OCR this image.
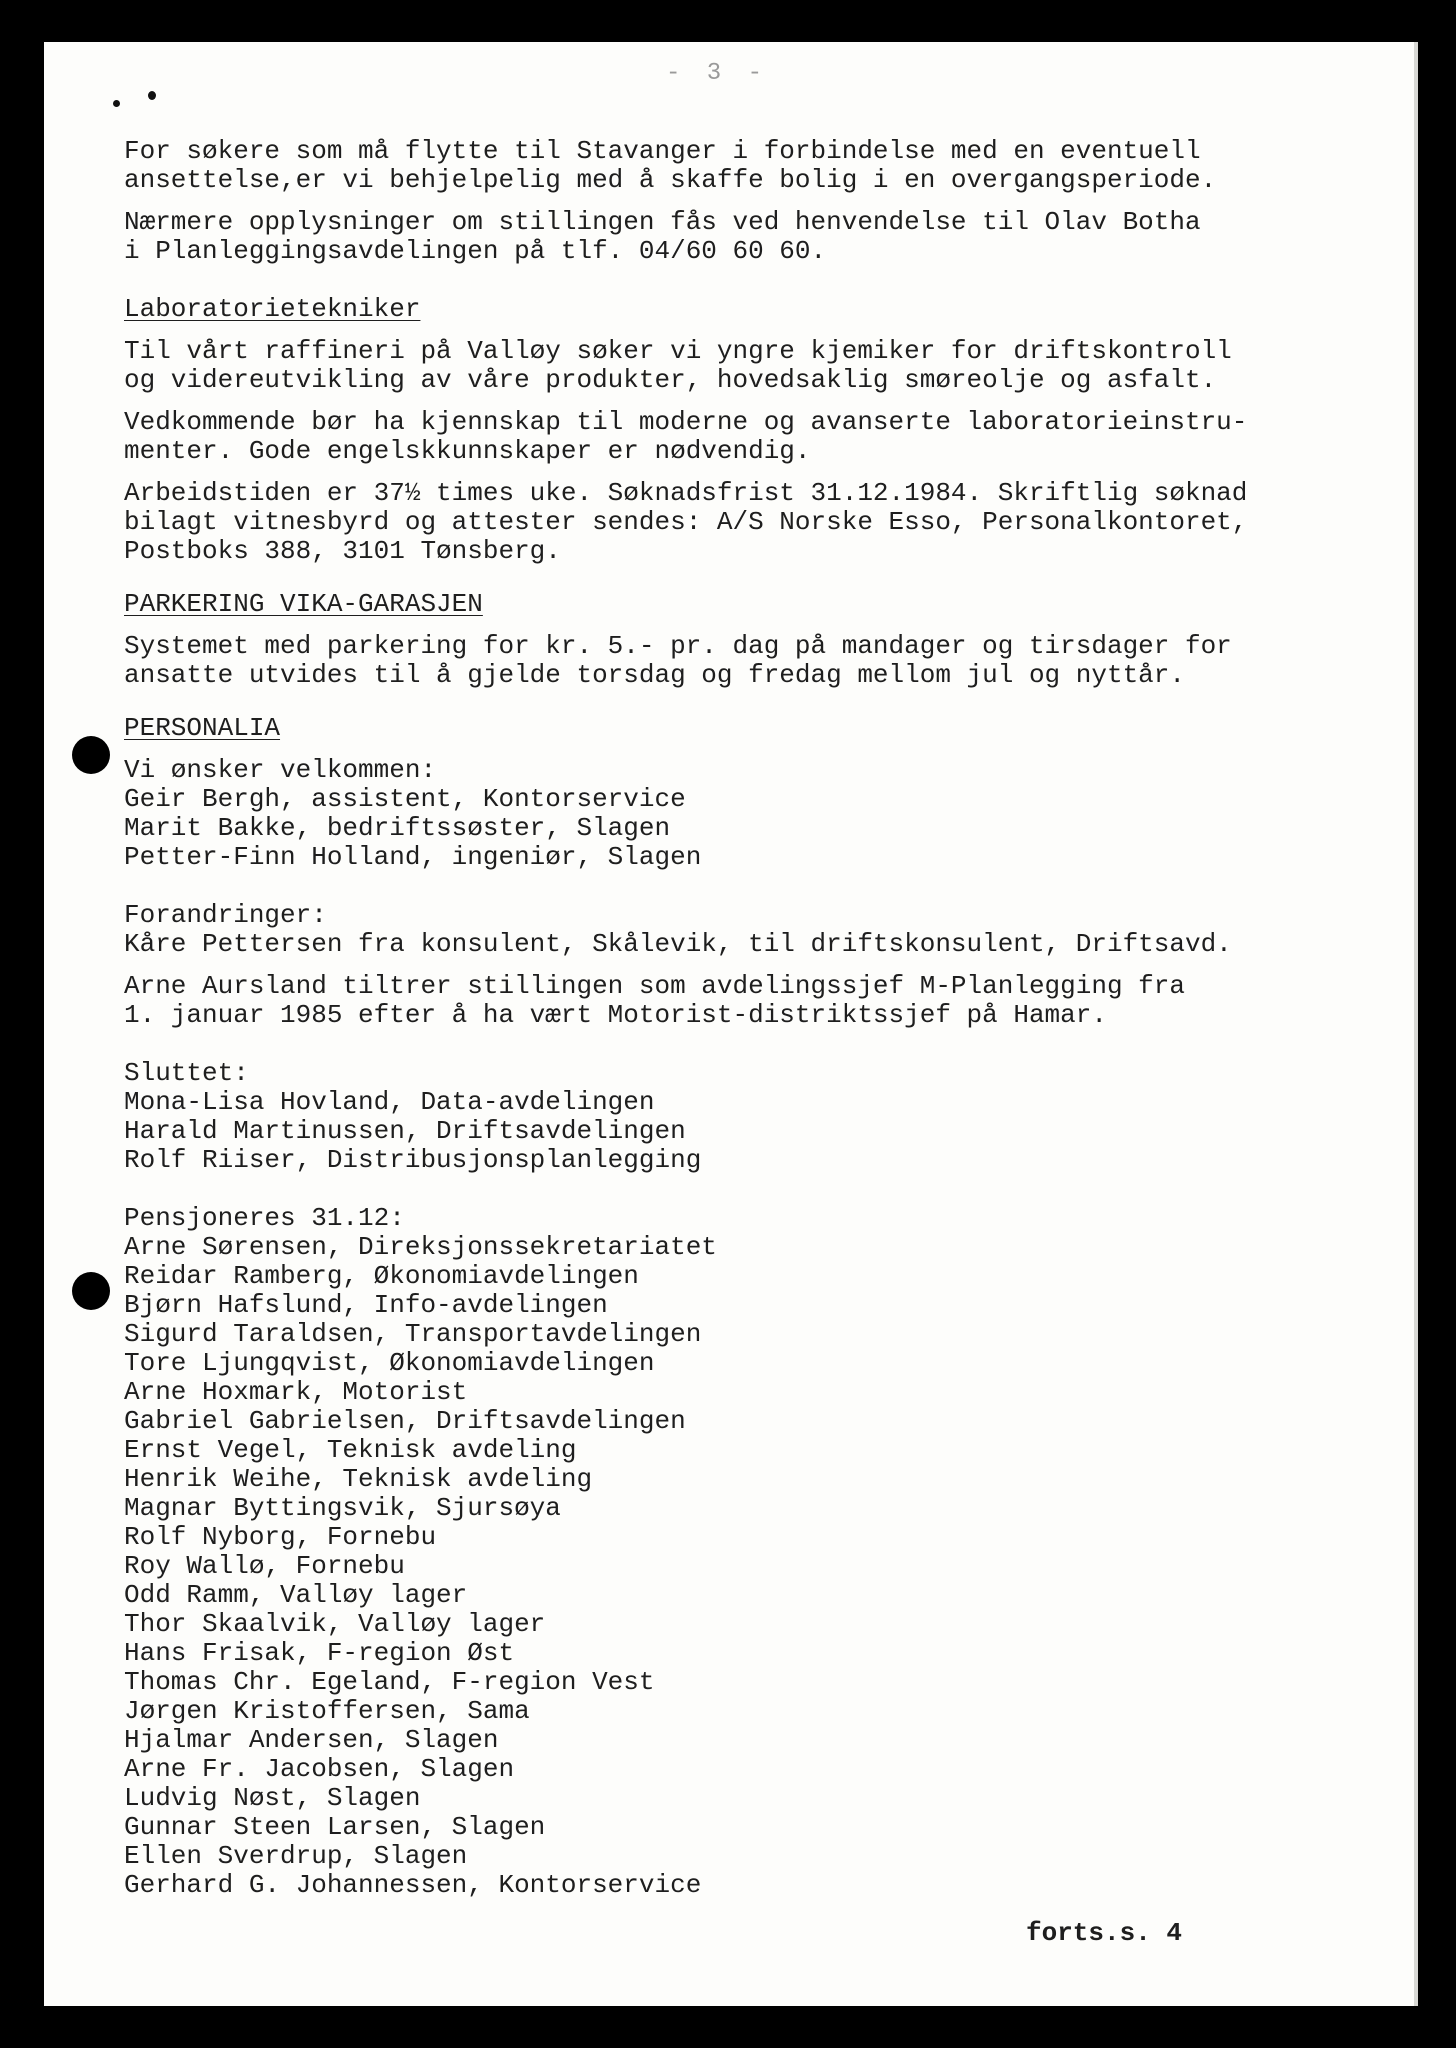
- 3 -
For søkere som må flytte til Stavanger i forbindelse med en eventuell
ansettelse,er vi behjelpelig med å skaffe bolig i en overgangsperiode.
Nærmere opplysninger om stillingen fås ved henvendelse til Olav Botha
i Planleggingsavdelingen på tlf. 04/60 60 60.
Laboratorietekniker
Til vårt raffineri på Valløy søker vi yngre kjemiker for driftskontroll
og videreutvikling av våre produkter, hovedsaklig smøreolje og asfalt.
Vedkommende bør ha kjennskap til moderne og avanserte laboratorieinstru-
menter. Gode engelskkunnskaper er nødvendig.
Arbeidstiden er 37½ times uke. Søknadsfrist 31.12.1984. Skriftlig søknad
bilagt vitnesbyrd og attester sendes: A/S Norske Esso, Personalkontoret,
Postboks 388, 3101 Tønsberg.
PARKERING VIKA-GARASJEN
Systemet med parkering for kr. 5.- pr. dag på mandager og tirsdager for
ansatte utvides til å gjelde torsdag og fredag mellom jul og nyttår.
PERSONALIA
Vi ønsker velkommen:
Geir Bergh, assistent, Kontorservice
Marit Bakke, bedriftssøster, Slagen
Petter-Finn Holland, ingeniør, Slagen
Forandringer:
Kåre Pettersen fra konsulent, Skålevik, til driftskonsulent, Driftsavd.
Arne Aursland tiltrer stillingen som avdelingssjef M-Planlegging fra
1. januar 1985 efter å ha vært Motorist-distriktssjef på Hamar.
Sluttet:
Mona-Lisa Hovland, Data-avdelingen
Harald Martinussen, Driftsavdelingen
Rolf Riiser, Distribusjonsplanlegging
Pensjoneres 31.12:
Arne Sørensen, Direksjonssekretariatet
Reidar Ramberg, Økonomiavdelingen
Bjørn Hafslund, Info-avdelingen
Sigurd Taraldsen, Transportavdelingen
Tore Ljungqvist, Økonomiavdelingen
Arne Hoxmark, Motorist
Gabriel Gabrielsen, Driftsavdelingen
Ernst Vegel, Teknisk avdeling
Henrik Weihe, Teknisk avdeling
Magnar Byttingsvik, Sjursøya
Rolf Nyborg, Fornebu
Roy Wallø, Fornebu
Odd Ramm, Valløy lager
Thor Skaalvik, Valløy lager
Hans Frisak, F-region Øst
Thomas Chr. Egeland, F-region Vest
Jørgen Kristoffersen, Sama
Hjalmar Andersen, Slagen
Arne Fr. Jacobsen, Slagen
Ludvig Nøst, Slagen
Gunnar Steen Larsen, Slagen
Ellen Sverdrup, Slagen
Gerhard G. Johannessen, Kontorservice
forts.s. 4
